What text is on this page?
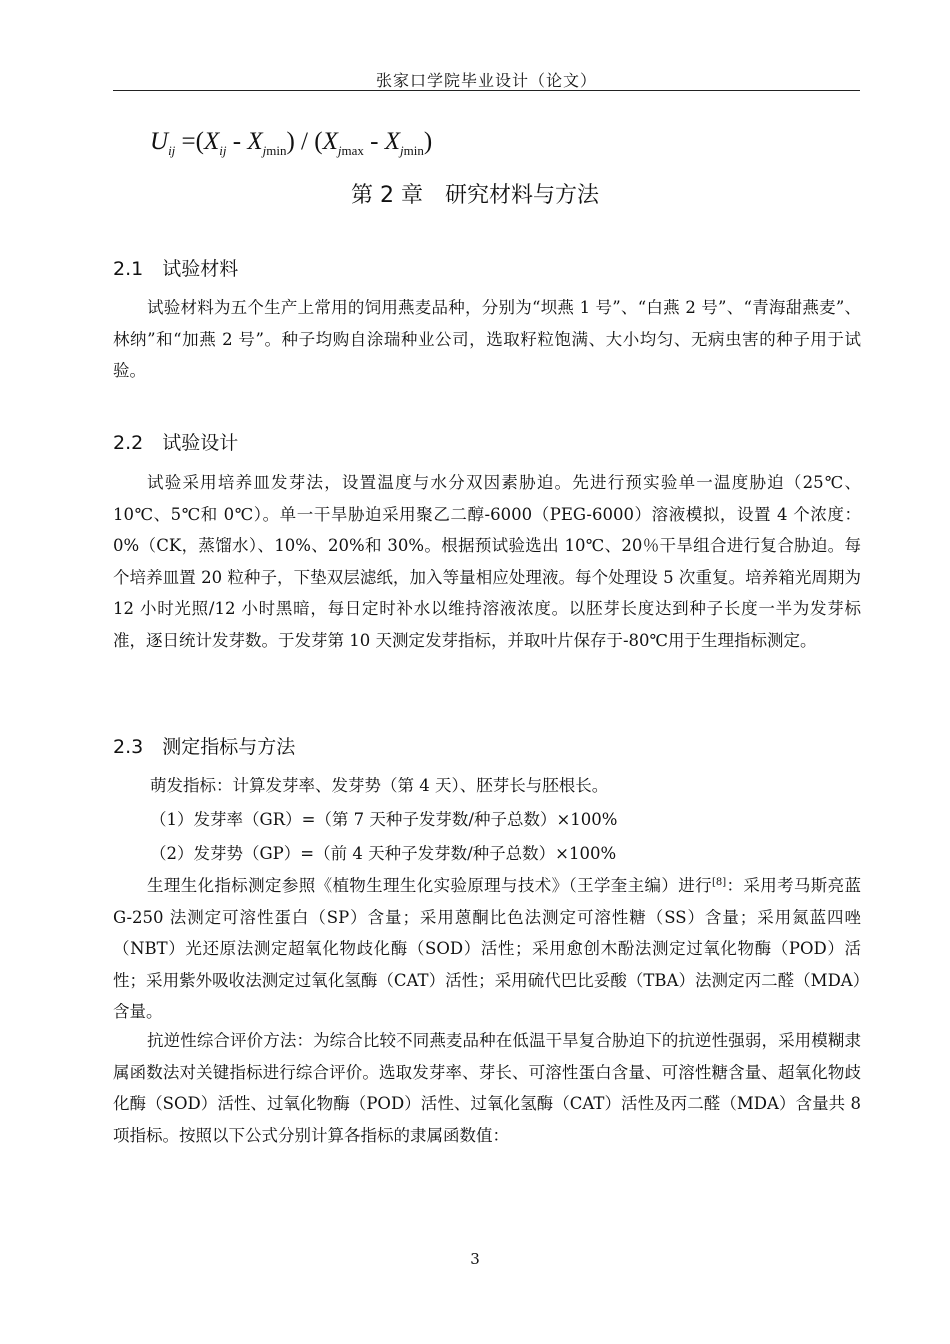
张家口学院毕业设计（论文）
$U_{ij} =(X_{ij} - X_{jmin}) / (X_{jmax} - X_{jmin})$
第 2 章　研究材料与方法
2.1　试验材料
试验材料为五个生产上常用的饲用燕麦品种，分别为“坝燕 1 号”、“白燕 2 号”、“青海甜燕麦”、林纳”和“加燕 2 号”。种子均购自涂瑞种业公司，选取籽粒饱满、大小均匀、无病虫害的种子用于试验。
2.2　试验设计
试验采用培养皿发芽法，设置温度与水分双因素胁迫。先进行预实验单一温度胁迫（25℃、10℃、5℃和 0℃）。单一干旱胁迫采用聚乙二醇-6000（PEG-6000）溶液模拟，设置 4 个浓度：0%（CK，蒸馏水）、10%、20%和 30%。根据预试验选出 10℃、20％干旱组合进行复合胁迫。每个培养皿置 20 粒种子，下垫双层滤纸，加入等量相应处理液。每个处理设 5 次重复。培养箱光周期为 12 小时光照/12 小时黑暗，每日定时补水以维持溶液浓度。以胚芽长度达到种子长度一半为发芽标准，逐日统计发芽数。于发芽第 10 天测定发芽指标，并取叶片保存于-80℃用于生理指标测定。
2.3　测定指标与方法
萌发指标：计算发芽率、发芽势（第 4 天）、胚芽长与胚根长。
（1）发芽率（GR）=（第 7 天种子发芽数/种子总数）×100%
（2）发芽势（GP）=（前 4 天种子发芽数/种子总数）×100%
生理生化指标测定参照《植物生理生化实验原理与技术》（王学奎主编）进行[8]：采用考马斯亮蓝 G-250 法测定可溶性蛋白（SP）含量；采用蒽酮比色法测定可溶性糖（SS）含量；采用氮蓝四唑（NBT）光还原法测定超氧化物歧化酶（SOD）活性；采用愈创木酚法测定过氧化物酶（POD）活性；采用紫外吸收法测定过氧化氢酶（CAT）活性；采用硫代巴比妥酸（TBA）法测定丙二醛（MDA）含量。
抗逆性综合评价方法：为综合比较不同燕麦品种在低温干旱复合胁迫下的抗逆性强弱，采用模糊隶属函数法对关键指标进行综合评价。选取发芽率、芽长、可溶性蛋白含量、可溶性糖含量、超氧化物歧化酶（SOD）活性、过氧化物酶（POD）活性、过氧化氢酶（CAT）活性及丙二醛（MDA）含量共 8 项指标。按照以下公式分别计算各指标的隶属函数值：
3
